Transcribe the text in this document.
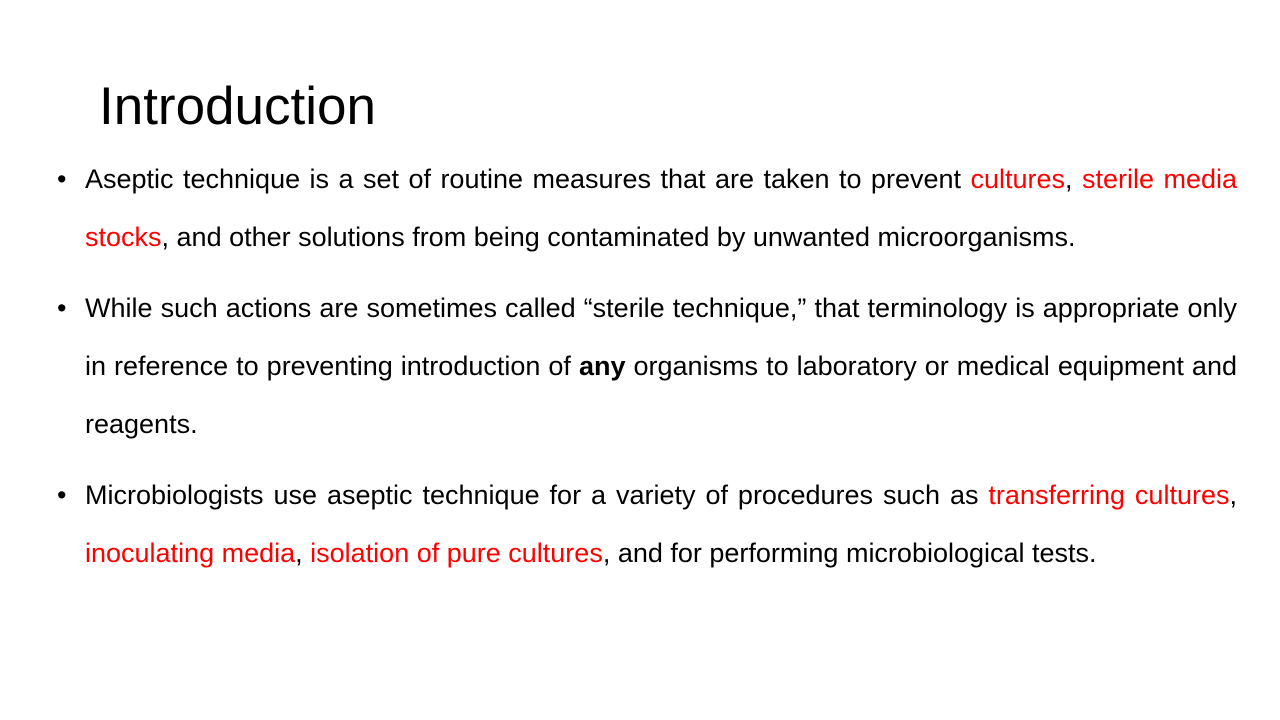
Introduction
• Aseptic technique is a set of routine measures that are taken to prevent cultures, sterile media stocks, and other solutions from being contaminated by unwanted microorganisms.
• While such actions are sometimes called “sterile technique,” that terminology is appropriate only in reference to preventing introduction of any organisms to laboratory or medical equipment and reagents.
• Microbiologists use aseptic technique for a variety of procedures such as transferring cultures, inoculating media, isolation of pure cultures, and for performing microbiological tests.
